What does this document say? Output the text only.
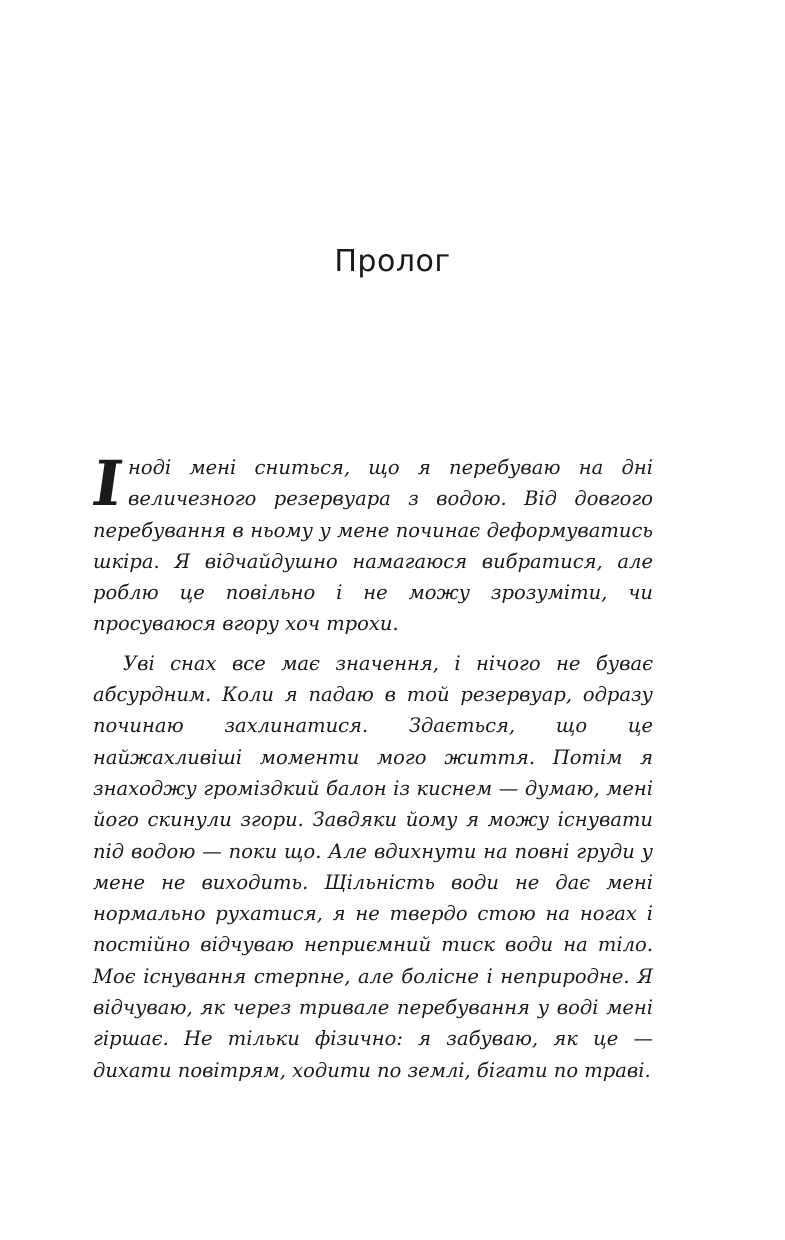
Пролог

Іноді мені сниться, що я перебуваю на дні величезного резервуара з водою. Від довгого перебування в ньому у мене починає деформуватись шкіра. Я відчайдушно намагаюся вибратися, але роблю це повільно і не можу зрозуміти, чи просуваюся вгору хоч трохи.

Уві снах все має значення, і нічого не буває абсурдним. Коли я падаю в той резервуар, одразу починаю захлинатися. Здається, що це найжахливіші моменти мого життя. Потім я знаходжу громіздкий балон із киснем — думаю, мені його скинули згори. Завдяки йому я можу існувати під водою — поки що. Але вдихнути на повні груди у мене не виходить. Щільність води не дає мені нормально рухатися, я не твердо стою на ногах і постійно відчуваю неприємний тиск води на тіло. Моє існування стерпне, але болісне і неприродне. Я відчуваю, як через тривале перебування у воді мені гіршає. Не тільки фізично: я забуваю, як це — дихати повітрям, ходити по землі, бігати по траві.
